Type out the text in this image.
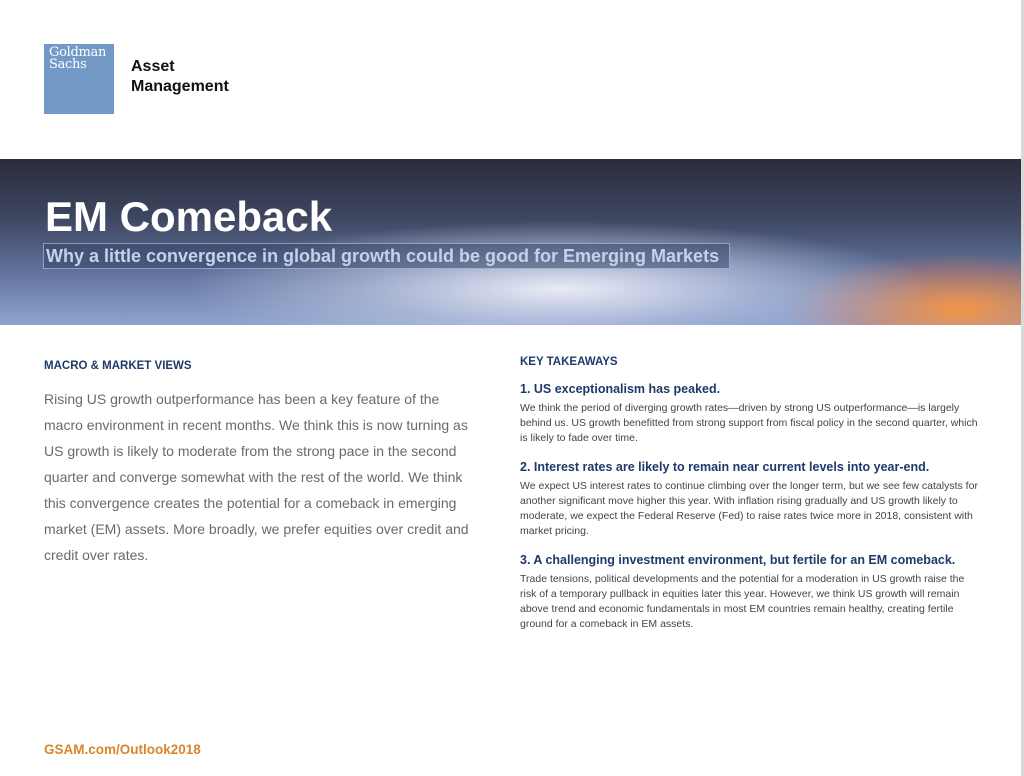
Goldman
Sachs	Asset
Management
EM Comeback
Why a little convergence in global growth could be good for Emerging Markets
MACRO & MARKET VIEWS

Rising US growth outperformance has been a key feature of the macro environment in recent months. We think this is now turning as US growth is likely to moderate from the strong pace in the second quarter and converge somewhat with the rest of the world. We think this convergence creates the potential for a comeback in emerging market (EM) assets. More broadly, we prefer equities over credit and credit over rates.

KEY TAKEAWAYS
1. US exceptionalism has peaked.

We think the period of diverging growth rates—driven by strong US outperformance—is largely behind us. US growth benefitted from strong support from fiscal policy in the second quarter, which is likely to fade over time.

2. Interest rates are likely to remain near current levels into year-end.

We expect US interest rates to continue climbing over the longer term, but we see few catalysts for another significant move higher this year. With inflation rising gradually and US growth likely to moderate, we expect the Federal Reserve (Fed) to raise rates twice more in 2018, consistent with market pricing.

3. A challenging investment environment, but fertile for an EM comeback.

Trade tensions, political developments and the potential for a moderation in US growth raise the risk of a temporary pullback in equities later this year. However, we think US growth will remain above trend and economic fundamentals in most EM countries remain healthy, creating fertile ground for a comeback in EM assets.

GSAM.com/Outlook2018
